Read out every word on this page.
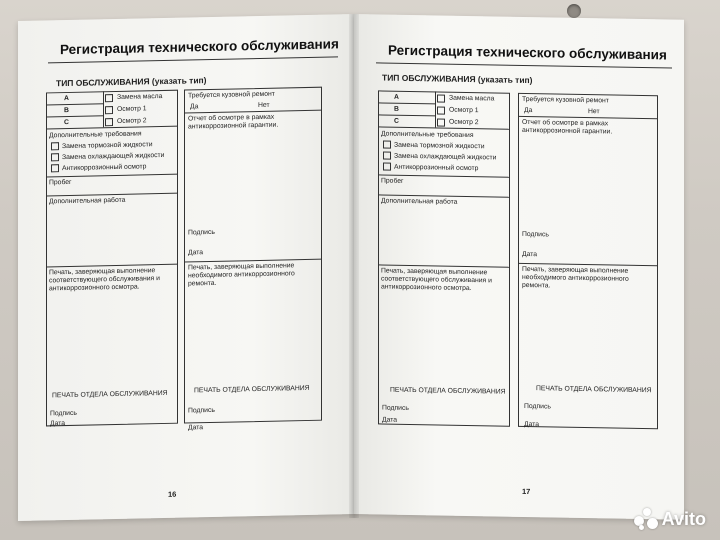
Регистрация технического обслуживания
ТИП ОБСЛУЖИВАНИЯ (указать тип)
A
B
C
Замена масла
Осмотр 1
Осмотр 2
Дополнительные требования
Замена тормозной жидкости
Замена охлаждающей жидкости
Антикоррозионный осмотр
Пробег
Дополнительная работа
Печать, заверяющая выполнение соответствующего обслуживания и антикоррозионного осмотра.
ПЕЧАТЬ ОТДЕЛА ОБСЛУЖИВАНИЯ
Подпись
Дата
Требуется кузовной ремонт
Да	Нет
Отчет об осмотре в рамках антикоррозионной гарантии.
Подпись
Дата
Печать, заверяющая выполнение необходимого антикоррозионного ремонта.
ПЕЧАТЬ ОТДЕЛА ОБСЛУЖИВАНИЯ
Подпись
Дата
16
Регистрация технического обслуживания
ТИП ОБСЛУЖИВАНИЯ (указать тип)
A
B
C
Замена масла
Осмотр 1
Осмотр 2
Дополнительные требования
Замена тормозной жидкости
Замена охлаждающей жидкости
Антикоррозионный осмотр
Пробег
Дополнительная работа
Печать, заверяющая выполнение соответствующего обслуживания и антикоррозионного осмотра.
ПЕЧАТЬ ОТДЕЛА ОБСЛУЖИВАНИЯ
Подпись
Дата
Требуется кузовной ремонт
Да	Нет
Отчет об осмотре в рамках антикоррозионной гарантии.
Подпись
Дата
Печать, заверяющая выполнение необходимого антикоррозионного ремонта.
ПЕЧАТЬ ОТДЕЛА ОБСЛУЖИВАНИЯ
Подпись
Дата
17
Avito
